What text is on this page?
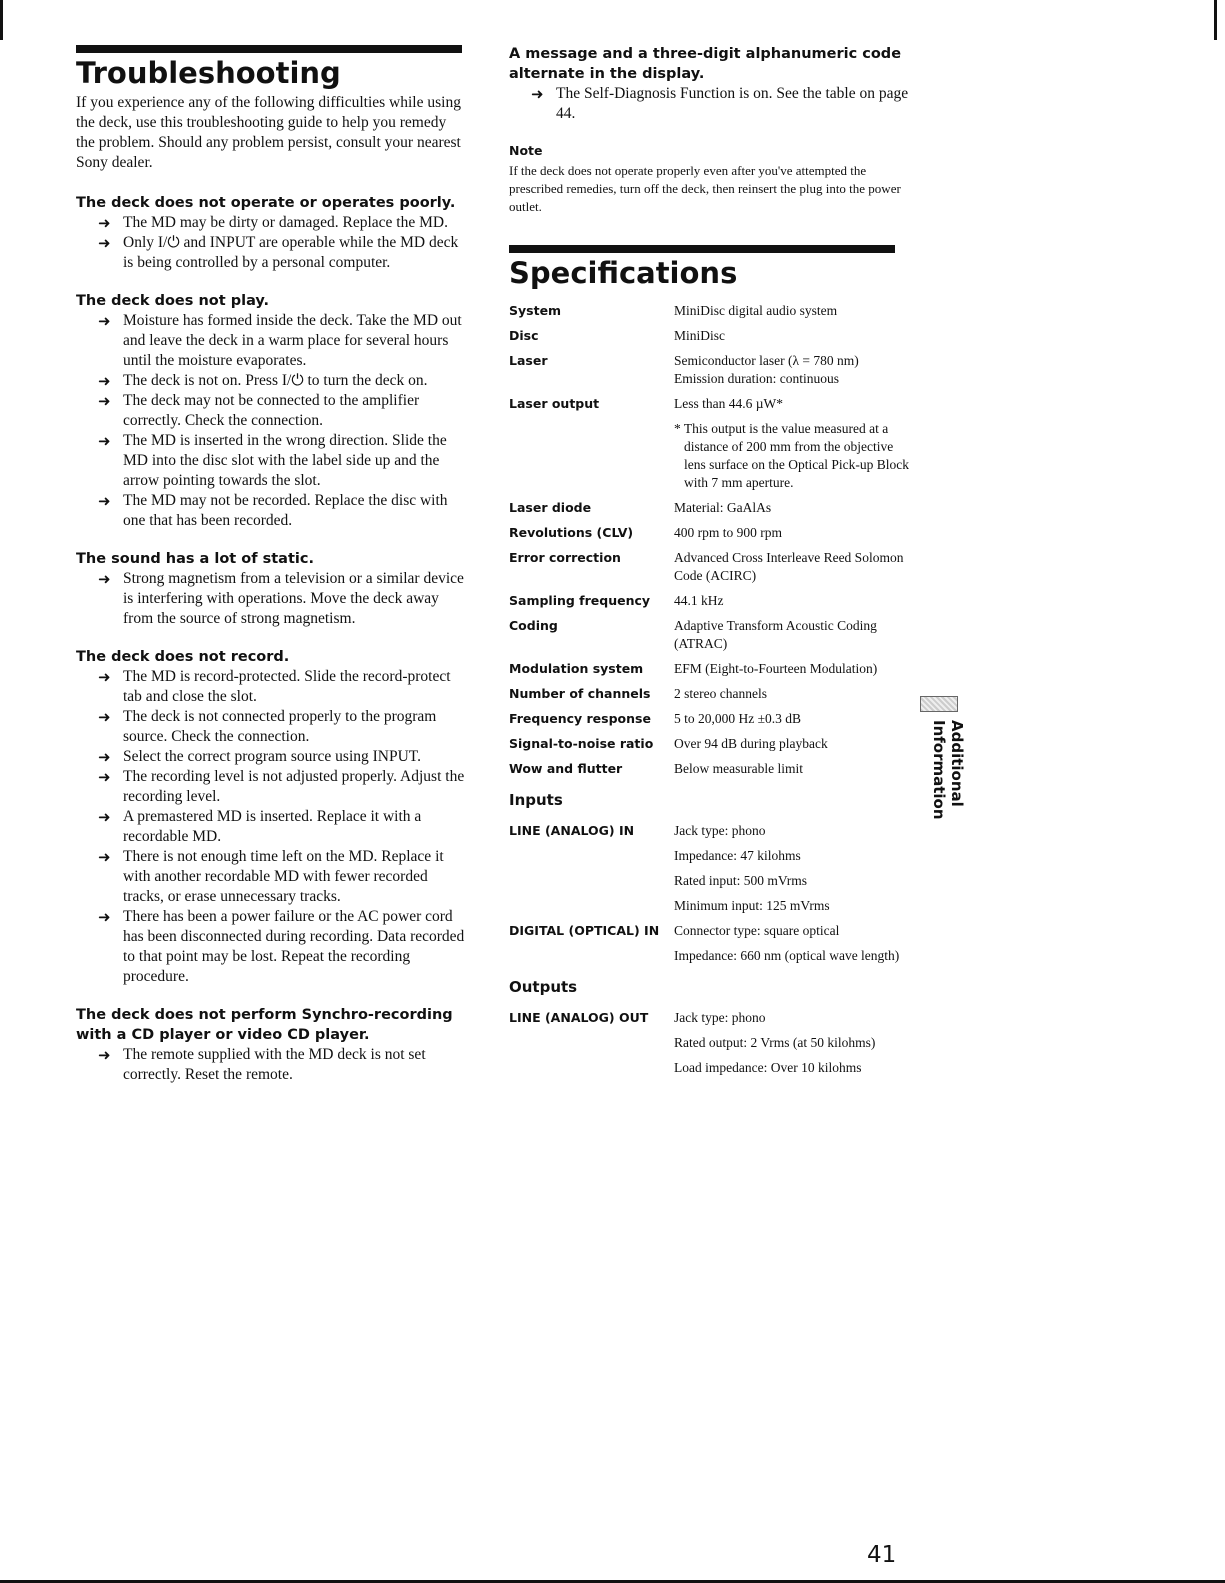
Troubleshooting

If you experience any of the following difficulties while using the deck, use this troubleshooting guide to help you remedy the problem. Should any problem persist, consult your nearest Sony dealer.

The deck does not operate or operates poorly.
➜ The MD may be dirty or damaged. Replace the MD.
➜ Only I/⏻ and INPUT are operable while the MD deck is being controlled by a personal computer.
The deck does not play.
➜ Moisture has formed inside the deck. Take the MD out and leave the deck in a warm place for several hours until the moisture evaporates.
➜ The deck is not on. Press I/⏻ to turn the deck on.
➜ The deck may not be connected to the amplifier correctly. Check the connection.
➜ The MD is inserted in the wrong direction. Slide the MD into the disc slot with the label side up and the arrow pointing towards the slot.
➜ The MD may not be recorded. Replace the disc with one that has been recorded.
The sound has a lot of static.
➜ Strong magnetism from a television or a similar device is interfering with operations. Move the deck away from the source of strong magnetism.
The deck does not record.
➜ The MD is record-protected. Slide the record-protect tab and close the slot.
➜ The deck is not connected properly to the program source. Check the connection.
➜ Select the correct program source using INPUT.
➜ The recording level is not adjusted properly. Adjust the recording level.
➜ A premastered MD is inserted. Replace it with a recordable MD.
➜ There is not enough time left on the MD. Replace it with another recordable MD with fewer recorded tracks, or erase unnecessary tracks.
➜ There has been a power failure or the AC power cord has been disconnected during recording. Data recorded to that point may be lost. Repeat the recording procedure.
The deck does not perform Synchro-recording with a CD player or video CD player.
➜ The remote supplied with the MD deck is not set correctly. Reset the remote.
A message and a three-digit alphanumeric code alternate in the display.
➜ The Self-Diagnosis Function is on. See the table on page 44.
Note

If the deck does not operate properly even after you've attempted the prescribed remedies, turn off the deck, then reinsert the plug into the power outlet.

Specifications
System	MiniDisc digital audio system
Disc	MiniDisc
Laser	Semiconductor laser (λ = 780 nm) Emission duration: continuous
Laser output	Less than 44.6 µW*
* This output is the value measured at a distance of 200 mm from the objective lens surface on the Optical Pick-up Block with 7 mm aperture.
Laser diode	Material: GaAlAs
Revolutions (CLV)	400 rpm to 900 rpm
Error correction	Advanced Cross Interleave Reed Solomon Code (ACIRC)
Sampling frequency	44.1 kHz
Coding	Adaptive Transform Acoustic Coding (ATRAC)
Modulation system	EFM (Eight-to-Fourteen Modulation)
Number of channels	2 stereo channels
Frequency response	5 to 20,000 Hz ±0.3 dB
Signal-to-noise ratio	Over 94 dB during playback
Wow and flutter	Below measurable limit
Inputs
LINE (ANALOG) IN	Jack type: phono
Impedance: 47 kilohms
Rated input: 500 mVrms
Minimum input: 125 mVrms
DIGITAL (OPTICAL) IN	Connector type: square optical
Impedance: 660 nm (optical wave length)
Outputs
LINE (ANALOG) OUT	Jack type: phono
Rated output: 2 Vrms (at 50 kilohms)
Load impedance: Over 10 kilohms
Additional Information
41
